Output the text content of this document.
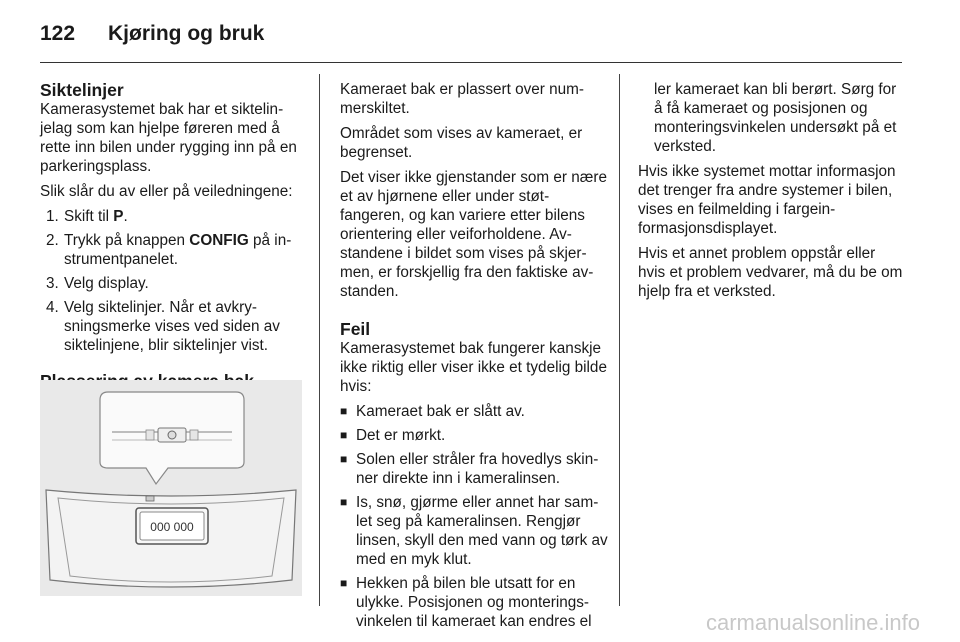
122	Kjøring og bruk
Siktelinjer

Kamerasystemet bak har et siktelinjelag som kan hjelpe føreren med å rette inn bilen under rygging inn på en parkeringsplass.

Slik slår du av eller på veiledningene:

1. Skift til P.
2. Trykk på knappen CONFIG på instrumentpanelet.
3. Velg display.
4. Velg siktelinjer. Når et avkrysningsmerke vises ved siden av siktelinjene, blir siktelinjer vist.
000 000

Kameraet bak er plassert over nummerskiltet.

Området som vises av kameraet, er begrenset.

Det viser ikke gjenstander som er nære et av hjørnene eller under støtfangeren, og kan variere etter bilens orientering eller veiforholdene. Avstandene i bildet som vises på skjermen, er forskjellig fra den faktiske avstanden.

Feil

Kamerasystemet bak fungerer kanskje ikke riktig eller viser ikke et tydelig bilde hvis:

■ Kameraet bak er slått av.
■ Det er mørkt.
■ Solen eller stråler fra hovedlys skinner direkte inn i kameralinsen.
■ Is, snø, gjørme eller annet har samlet seg på kameralinsen. Rengjør linsen, skyll den med vann og tørk av med en myk klut.
■ Hekken på bilen ble utsatt for en ulykke. Posisjonen og monteringsvinkelen til kameraet kan endres el

ler kameraet kan bli berørt. Sørg for å få kameraet og posisjonen og monteringsvinkelen undersøkt på et verksted.

Hvis ikke systemet mottar informasjon det trenger fra andre systemer i bilen, vises en feilmelding i fargeinformasjonsdisplayet.

Hvis et annet problem oppstår eller hvis et problem vedvarer, må du be om hjelp fra et verksted.

carmanualsonline.info
